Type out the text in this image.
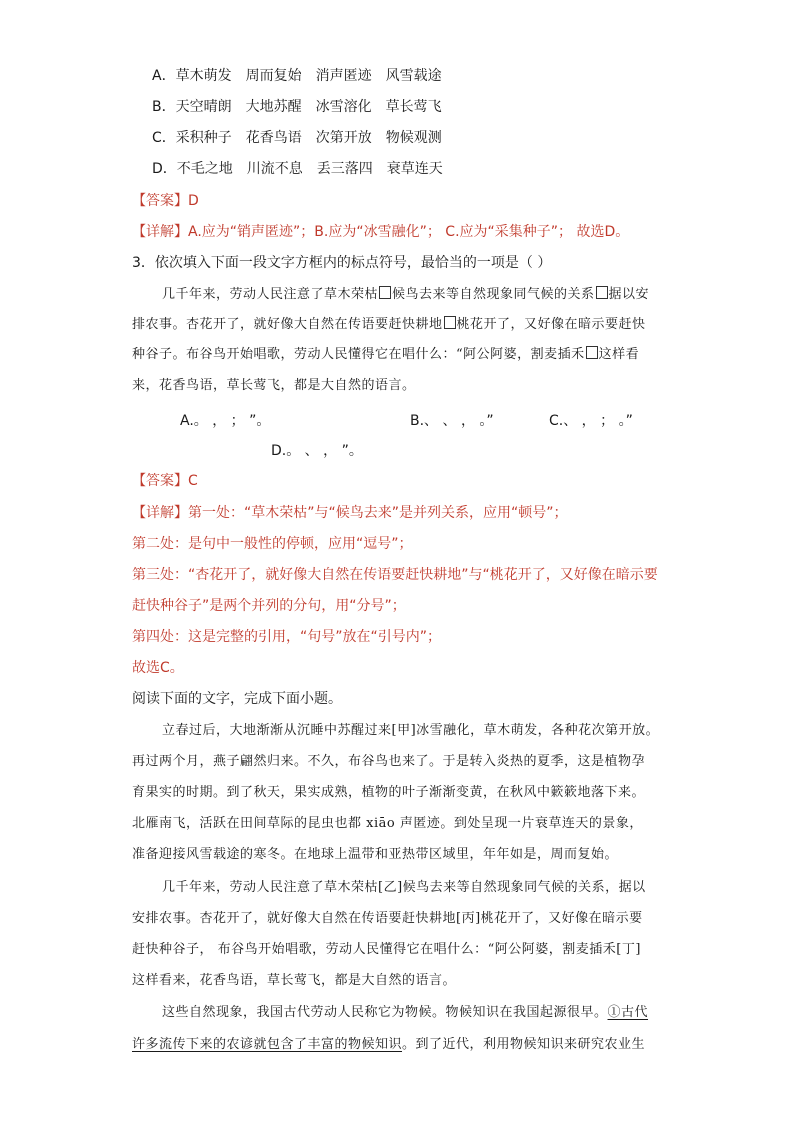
A．草木萌发 周而复始 消声匿迹 风雪载途
B．天空晴朗 大地苏醒 冰雪溶化 草长莺飞
C．采积种子 花香鸟语 次第开放 物候观测
D．不毛之地 川流不息 丢三落四 衰草连天
【答案】D
【详解】A.应为“销声匿迹”；B.应为“冰雪融化”； C.应为“采集种子”； 故选D。
3．依次填入下面一段文字方框内的标点符号，最恰当的一项是（ ）
几千年来，劳动人民注意了草木荣枯 候鸟去来等自然现象同气候的关系 据以安
排农事。杏花开了，就好像大自然在传语要赶快耕地 桃花开了，又好像在暗示要赶快
种谷子。布谷鸟开始唱歌，劳动人民懂得它在唱什么：“阿公阿婆，割麦插禾 这样看
来，花香鸟语，草长莺飞，都是大自然的语言。
A.。 ， ； ”。	B.、 、 ， 。”	C.、 ， ； 。”
D.。 、 ， ”。
【答案】C
【详解】第一处：“草木荣枯”与“候鸟去来”是并列关系，应用“顿号”；
第二处：是句中一般性的停顿，应用“逗号”；
第三处：“杏花开了，就好像大自然在传语要赶快耕地”与“桃花开了，又好像在暗示要
赶快种谷子”是两个并列的分句，用“分号”；
第四处：这是完整的引用，“句号”放在“引号内”；
故选C。
阅读下面的文字，完成下面小题。
立春过后，大地渐渐从沉睡中苏醒过来[甲]冰雪融化，草木萌发，各种花次第开放。
再过两个月，燕子翩然归来。不久，布谷鸟也来了。于是转入炎热的夏季，这是植物孕
育果实的时期。到了秋天，果实成熟，植物的叶子渐渐变黄，在秋风中簌簌地落下来。
北雁南飞，活跃在田间草际的昆虫也都 xiāo 声匿迹。到处呈现一片衰草连天的景象，
准备迎接风雪载途的寒冬。在地球上温带和亚热带区域里，年年如是，周而复始。
几千年来，劳动人民注意了草木荣枯[乙]候鸟去来等自然现象同气候的关系，据以
安排农事。杏花开了，就好像大自然在传语要赶快耕地[丙]桃花开了，又好像在暗示要
赶快种谷子， 布谷鸟开始唱歌，劳动人民懂得它在唱什么：“阿公阿婆，割麦插禾[丁]
这样看来，花香鸟语，草长莺飞，都是大自然的语言。
这些自然现象，我国古代劳动人民称它为物候。物候知识在我国起源很早。①古代
许多流传下来的农谚就包含了丰富的物候知识。到了近代，利用物候知识来研究农业生
